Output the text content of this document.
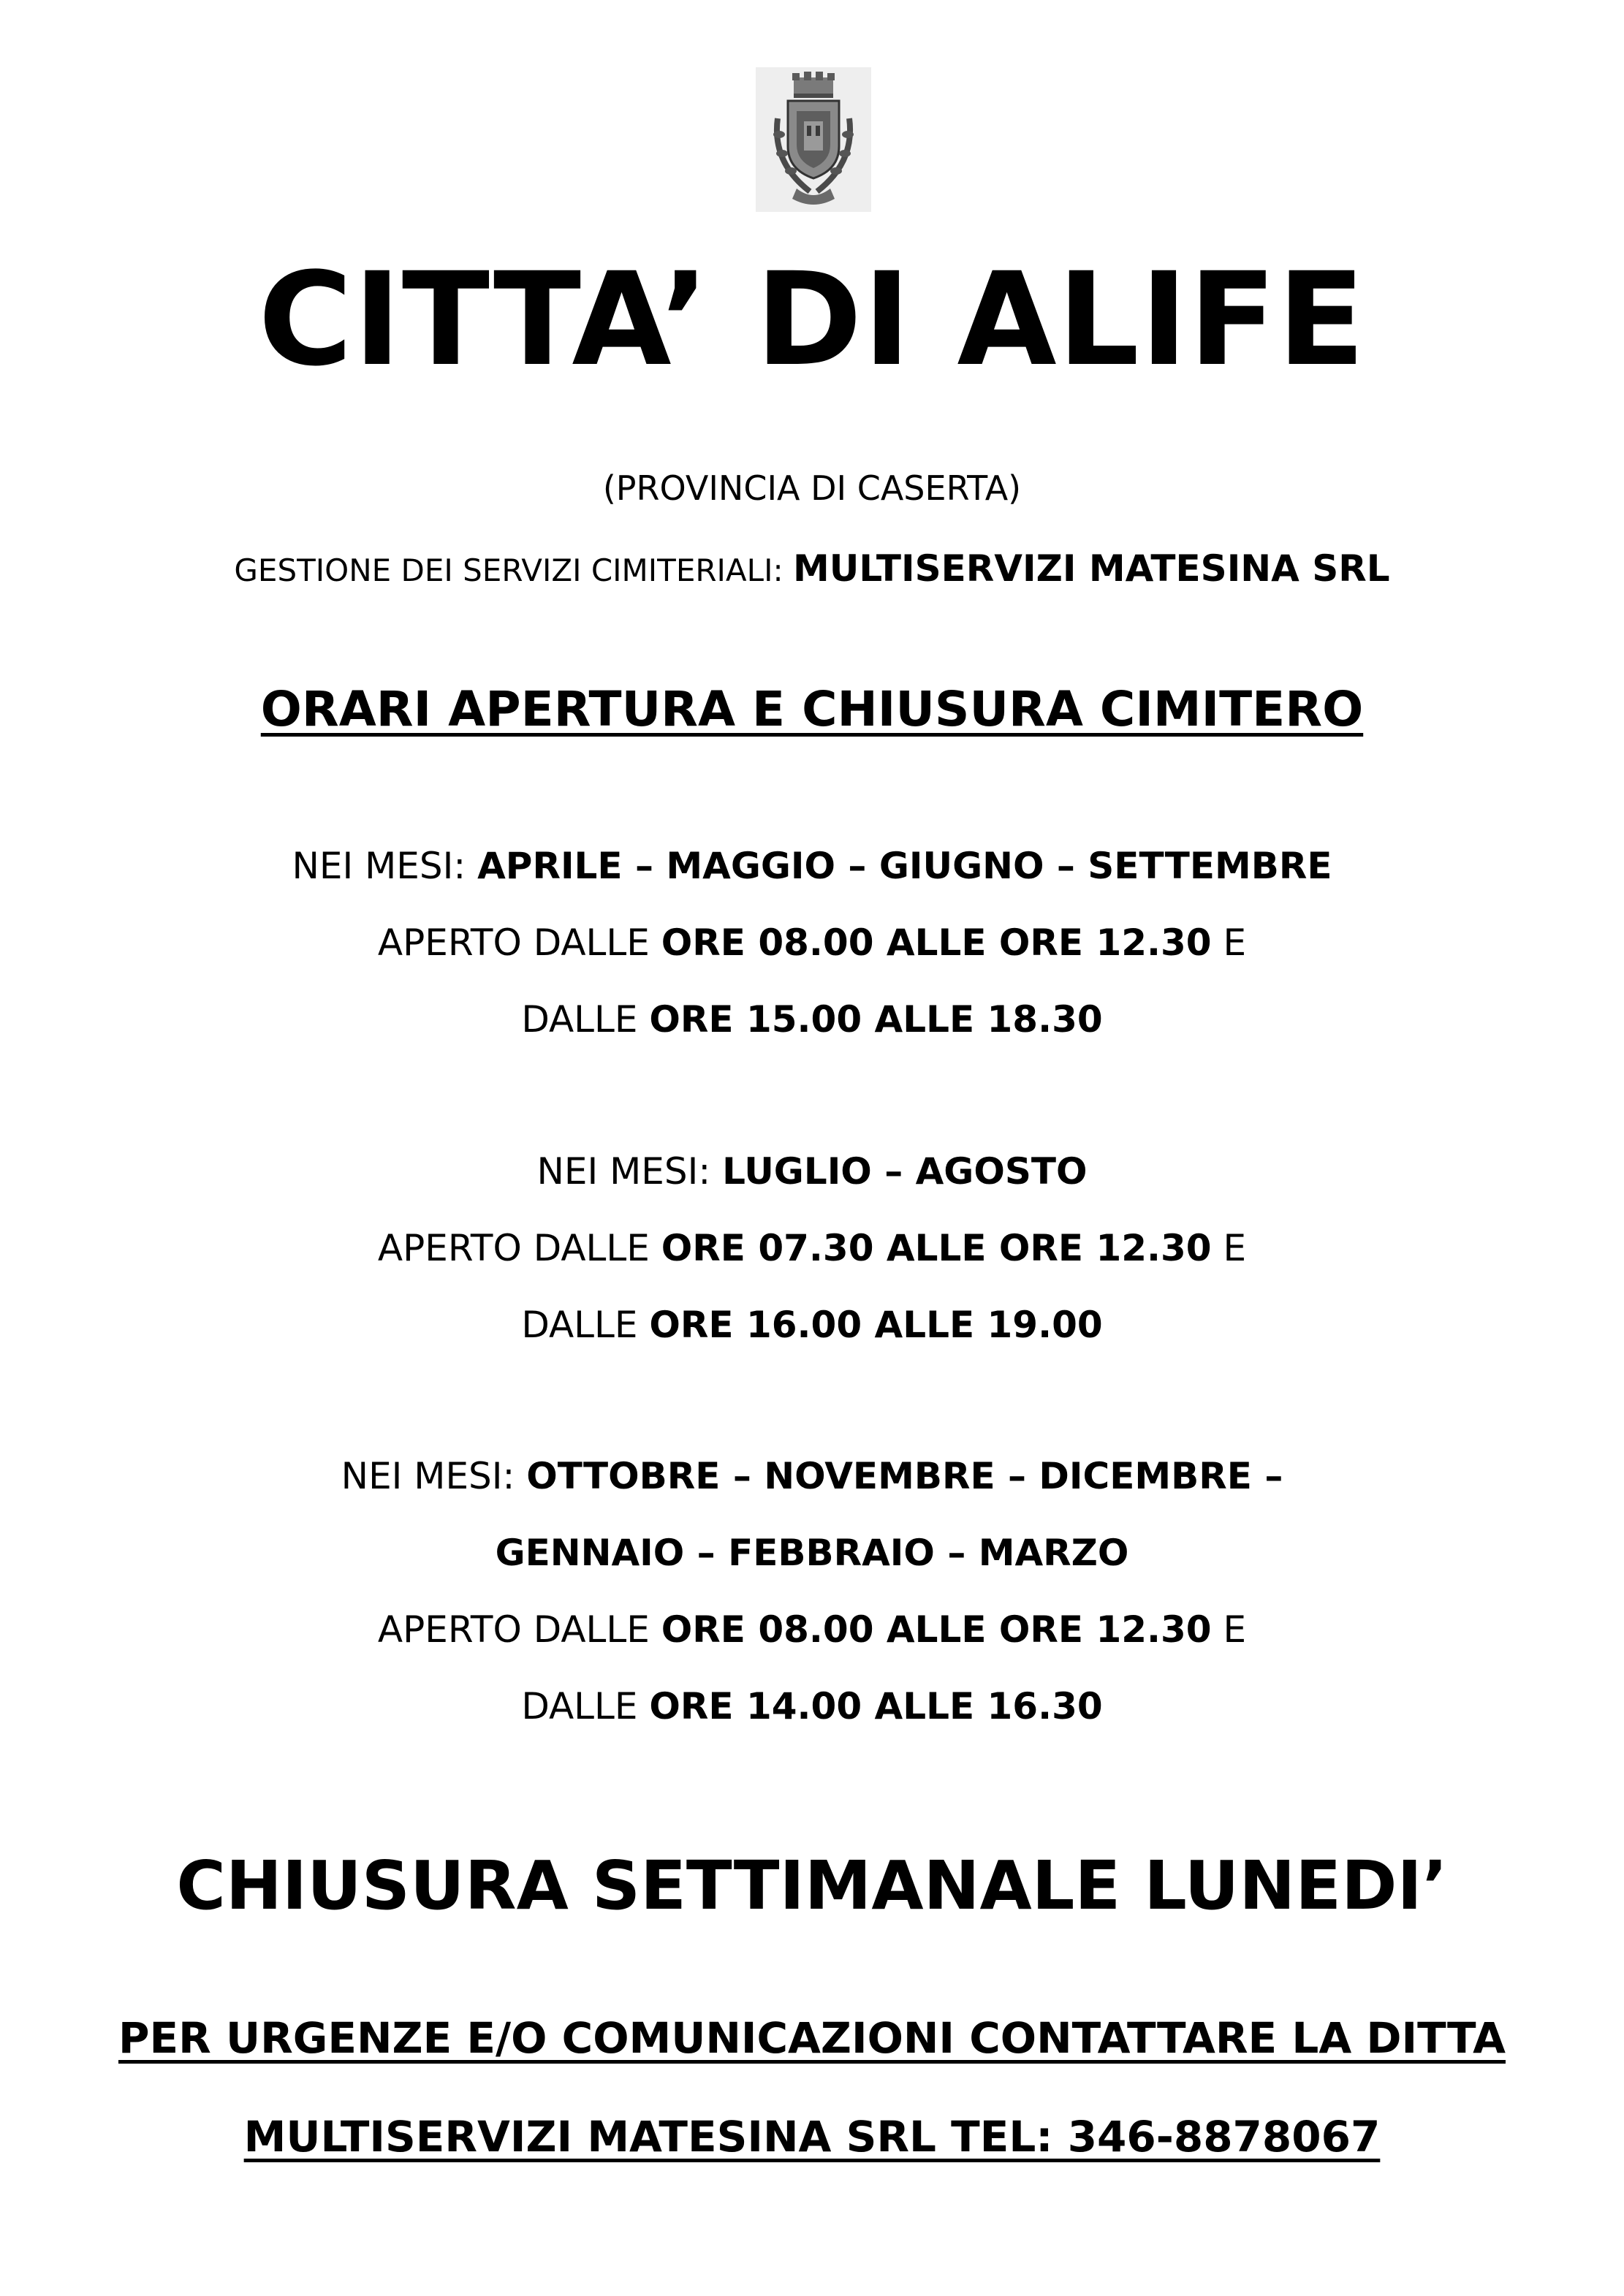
CITTA’ DI ALIFE
(PROVINCIA DI CASERTA)
GESTIONE DEI SERVIZI CIMITERIALI: MULTISERVIZI MATESINA SRL
ORARI APERTURA E CHIUSURA CIMITERO
NEI MESI: APRILE – MAGGIO – GIUGNO – SETTEMBRE
APERTO DALLE ORE 08.00 ALLE ORE 12.30 E
DALLE ORE 15.00 ALLE 18.30
NEI MESI: LUGLIO – AGOSTO
APERTO DALLE ORE 07.30 ALLE ORE 12.30 E
DALLE ORE 16.00 ALLE 19.00
NEI MESI: OTTOBRE – NOVEMBRE – DICEMBRE –
GENNAIO – FEBBRAIO – MARZO
APERTO DALLE ORE 08.00 ALLE ORE 12.30 E
DALLE ORE 14.00 ALLE 16.30
CHIUSURA SETTIMANALE LUNEDI’
PER URGENZE E/O COMUNICAZIONI CONTATTARE LA DITTA
MULTISERVIZI MATESINA SRL TEL: 346-8878067
